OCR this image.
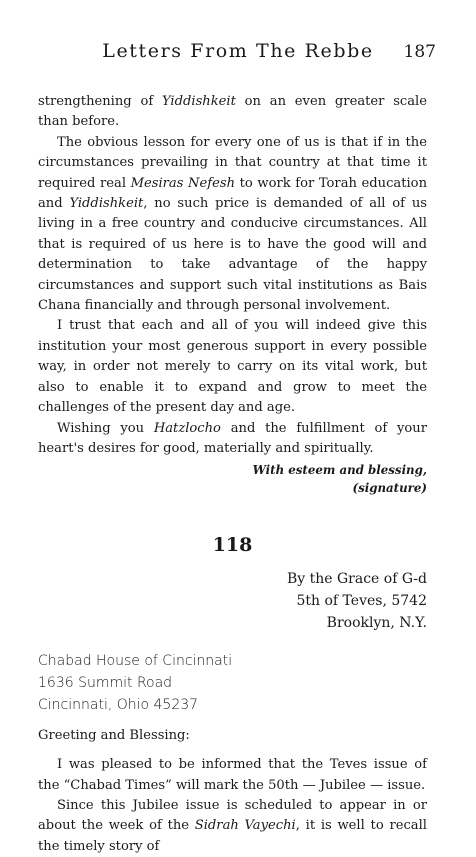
Letters From The Rebbe	187

strengthening of Yiddishkeit on an even greater scale than before.

The obvious lesson for every one of us is that if in the circumstances prevailing in that country at that time it required real Mesiras Nefesh to work for Torah education and Yiddishkeit, no such price is demanded of all of us living in a free country and conducive circumstances. All that is required of us here is to have the good will and determination to take advantage of the happy circumstances and support such vital institutions as Bais Chana financially and through personal involvement.

I trust that each and all of you will indeed give this institution your most generous support in every possible way, in order not merely to carry on its vital work, but also to enable it to expand and grow to meet the challenges of the present day and age.

Wishing you Hatzlocho and the fulfillment of your heart's desires for good, materially and spiritually.

With esteem and blessing,
(signature)
118
By the Grace of G-d
5th of Teves, 5742
Brooklyn, N.Y.
Chabad House of Cincinnati
1636 Summit Road
Cincinnati, Ohio 45237
Greeting and Blessing:

I was pleased to be informed that the Teves issue of the “Chabad Times” will mark the 50th — Jubilee — issue.

Since this Jubilee issue is scheduled to appear in or about the week of the Sidrah Vayechi, it is well to recall the timely story of
